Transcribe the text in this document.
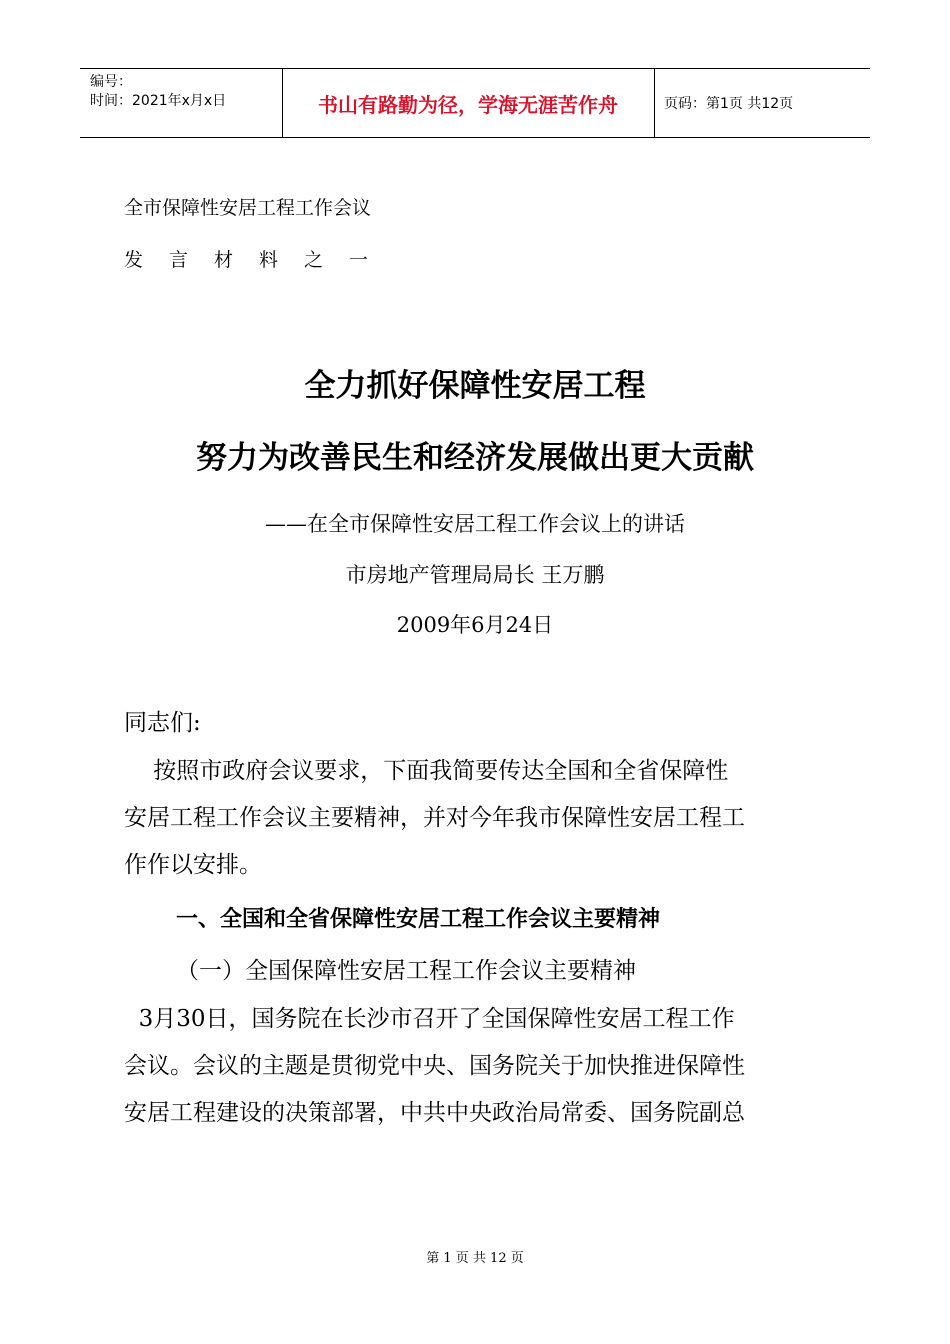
编号：
时间：2021年x月x日	书山有路勤为径，学海无涯苦作舟	页码：第1页 共12页
全市保障性安居工程工作会议
发言材料之一
全力抓好保障性安居工程
努力为改善民生和经济发展做出更大贡献
——在全市保障性安居工程工作会议上的讲话
市房地产管理局局长 王万鹏
2009年6月24日
同志们:
按照市政府会议要求，下面我简要传达全国和全省保障性
安居工程工作会议主要精神，并对今年我市保障性安居工程工
作作以安排。
一、全国和全省保障性安居工程工作会议主要精神
（一）全国保障性安居工程工作会议主要精神
3月30日，国务院在长沙市召开了全国保障性安居工程工作
会议。会议的主题是贯彻党中央、国务院关于加快推进保障性
安居工程建设的决策部署，中共中央政治局常委、国务院副总
第 1 页 共 12 页
